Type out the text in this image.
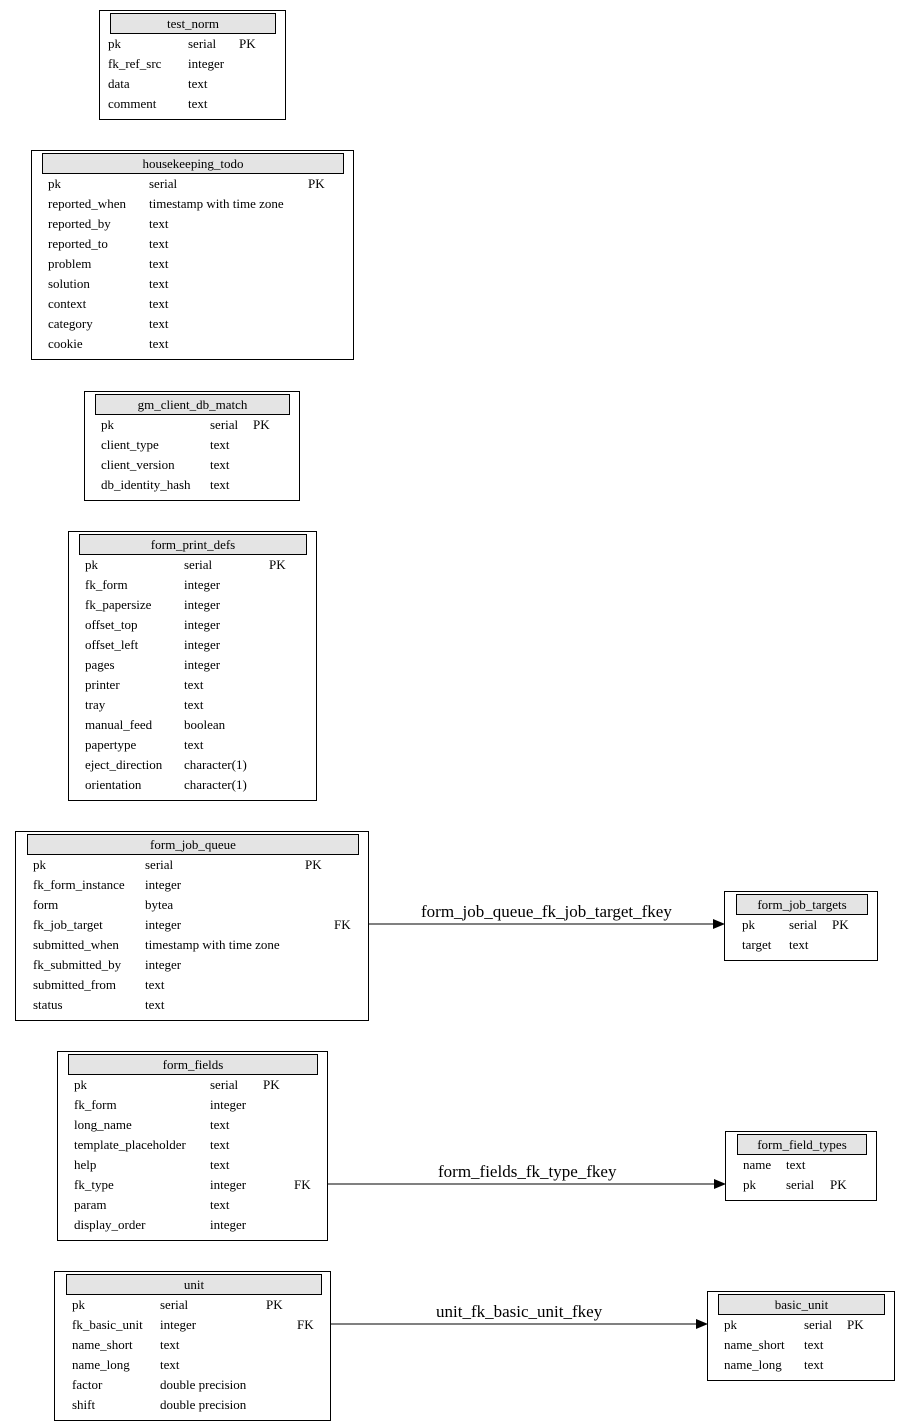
test_norm
pk	serial PK
fk_ref_src integer
data	text
comment text
housekeeping_todo
pk	serial	PK
reported_when timestamp with time zone
reported_by	text
reported_to	text
problem	text
solution	text
context	text
category	text
cookie	text
gm_client_db_match
pk	serial PK
client_type	text
client_version	text
db_identity_hash text
form_print_defs
pk	serial	PK
fk_form	integer
fk_papersize	integer
offset_top	integer
offset_left	integer
pages	integer
printer	text
tray	text
manual_feed boolean
papertype	text
eject_direction character(1)
orientation	character(1)
form_job_queue
pk	serial	PK
fk_form_instance integer
form	bytea
fk_job_target	integer	FK
submitted_when timestamp with time zone
fk_submitted_by integer
submitted_from text
status	text
form_job_targets
pk	serial PK
target text
form_fields
pk	serial PK
fk_form	integer
long_name	text
template_placeholder text
help	text
fk_type	integer	FK
param	text
display_order	integer
form_field_types
name text
pk serial PK
unit
pk	serial	PK
fk_basic_unit integer	FK
name_short text
name_long text
factor	double precision
shift	double precision
basic_unit
pk	serial PK
name_short text
name_long text
form_job_queue_fk_job_target_fkey
form_fields_fk_type_fkey
unit_fk_basic_unit_fkey
